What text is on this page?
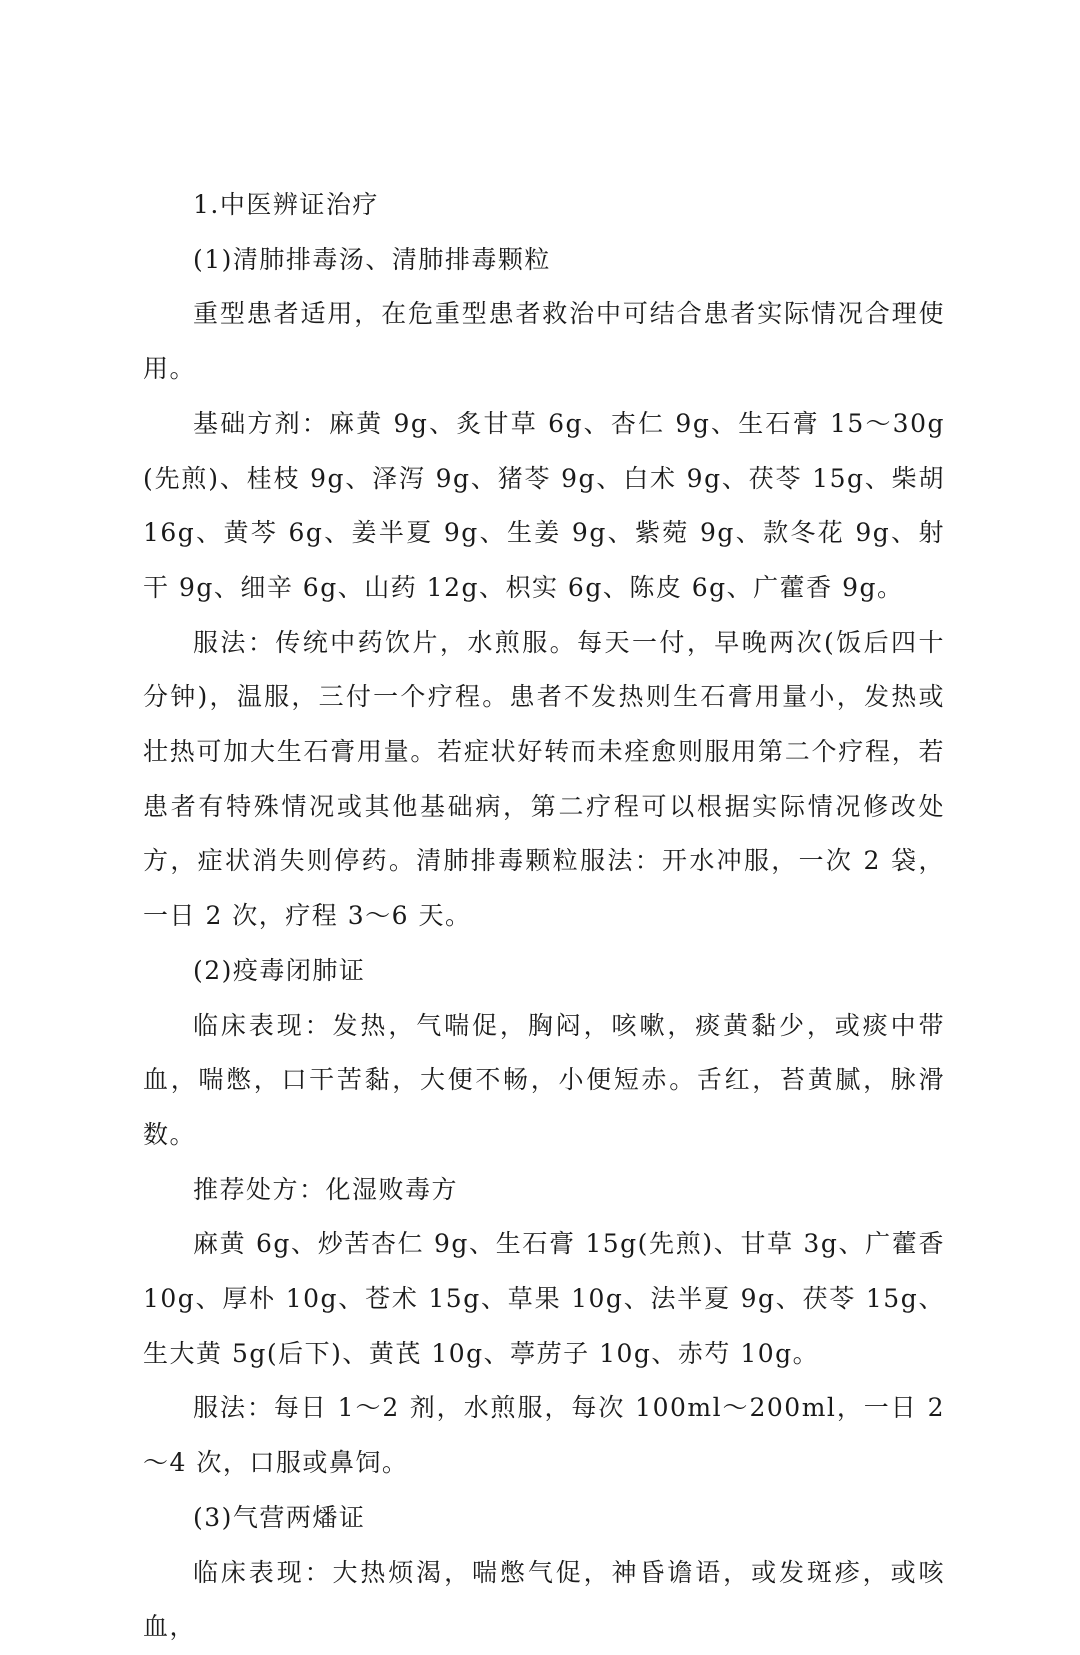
1.中医辨证治疗

(1)清肺排毒汤、清肺排毒颗粒

重型患者适用，在危重型患者救治中可结合患者实际情况合理使用。

基础方剂：麻黄 9g、炙甘草 6g、杏仁 9g、生石膏 15～30g(先煎)、桂枝 9g、泽泻 9g、猪苓 9g、白术 9g、茯苓 15g、柴胡 16g、黄芩 6g、姜半夏 9g、生姜 9g、紫菀 9g、款冬花 9g、射干 9g、细辛 6g、山药 12g、枳实 6g、陈皮 6g、广藿香 9g。

服法：传统中药饮片，水煎服。每天一付，早晚两次(饭后四十分钟)，温服，三付一个疗程。患者不发热则生石膏用量小，发热或壮热可加大生石膏用量。若症状好转而未痊愈则服用第二个疗程，若患者有特殊情况或其他基础病，第二疗程可以根据实际情况修改处方，症状消失则停药。清肺排毒颗粒服法：开水冲服，一次 2 袋，一日 2 次，疗程 3～6 天。

(2)疫毒闭肺证

临床表现：发热，气喘促，胸闷，咳嗽，痰黄黏少，或痰中带血，喘憋，口干苦黏，大便不畅，小便短赤。舌红，苔黄腻，脉滑数。

推荐处方：化湿败毒方

麻黄 6g、炒苦杏仁 9g、生石膏 15g(先煎)、甘草 3g、广藿香 10g、厚朴 10g、苍术 15g、草果 10g、法半夏 9g、茯苓 15g、生大黄 5g(后下)、黄芪 10g、葶苈子 10g、赤芍 10g。

服法：每日 1～2 剂，水煎服，每次 100ml～200ml，一日 2～4 次，口服或鼻饲。

(3)气营两燔证

临床表现：大热烦渴，喘憋气促，神昏谵语，或发斑疹，或咳血，
